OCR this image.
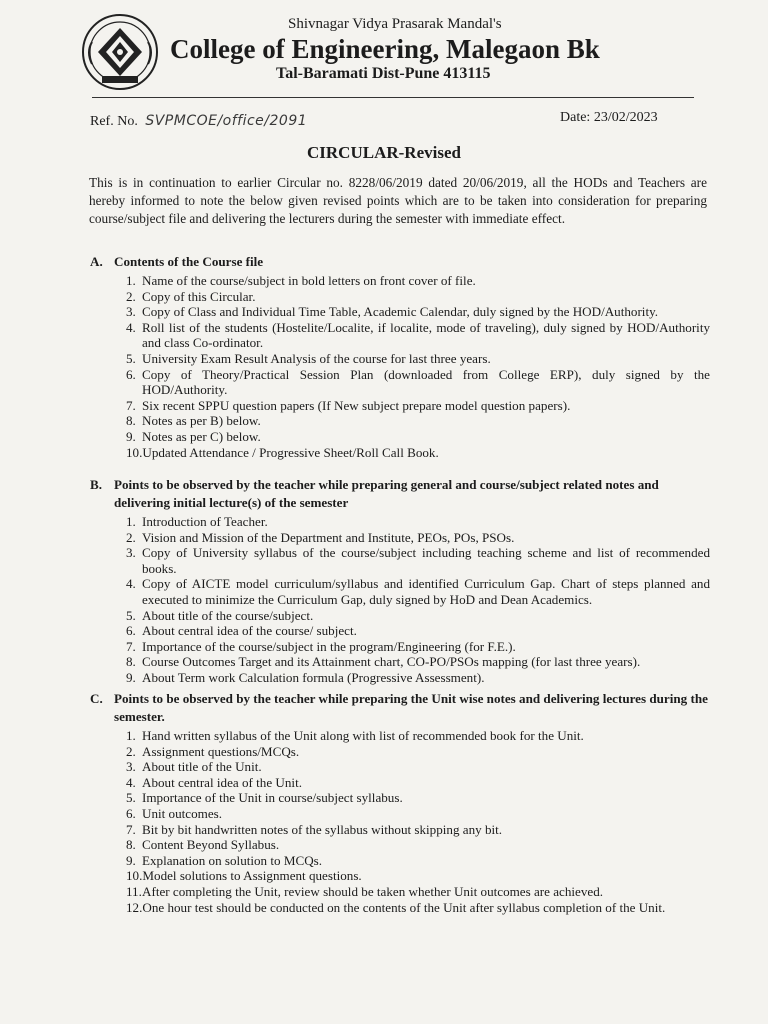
Shivnagar Vidya Prasarak Mandal's
College of Engineering, Malegaon Bk
Tal-Baramati Dist-Pune 413115
Ref. No. SVPMCOE/office/2091	Date: 23/02/2023
CIRCULAR-Revised
This is in continuation to earlier Circular no. 8228/06/2019 dated 20/06/2019, all the HODs and Teachers are hereby informed to note the below given revised points which are to be taken into consideration for preparing course/subject file and delivering the lecturers during the semester with immediate effect.
A. Contents of the Course file
1.Name of the course/subject in bold letters on front cover of file.
2.Copy of this Circular.
3.Copy of Class and Individual Time Table, Academic Calendar, duly signed by the HOD/Authority.
4.Roll list of the students (Hostelite/Localite, if localite, mode of traveling), duly signed by HOD/Authority and class Co-ordinator.
5.University Exam Result Analysis of the course for last three years.
6.Copy of Theory/Practical Session Plan (downloaded from College ERP), duly signed by the HOD/Authority.
7.Six recent SPPU question papers (If New subject prepare model question papers).
8.Notes as per B) below.
9.Notes as per C) below.
10.Updated Attendance / Progressive Sheet/Roll Call Book.
B. Points to be observed by the teacher while preparing general and course/subject related notes and delivering initial lecture(s) of the semester
1.Introduction of Teacher.
2.Vision and Mission of the Department and Institute, PEOs, POs, PSOs.
3.Copy of University syllabus of the course/subject including teaching scheme and list of recommended books.
4.Copy of AICTE model curriculum/syllabus and identified Curriculum Gap. Chart of steps planned and executed to minimize the Curriculum Gap, duly signed by HoD and Dean Academics.
5.About title of the course/subject.
6.About central idea of the course/ subject.
7.Importance of the course/subject in the program/Engineering (for F.E.).
8.Course Outcomes Target and its Attainment chart, CO-PO/PSOs mapping (for last three years).
9.About Term work Calculation formula (Progressive Assessment).
C. Points to be observed by the teacher while preparing the Unit wise notes and delivering lectures during the semester.
1.Hand written syllabus of the Unit along with list of recommended book for the Unit.
2.Assignment questions/MCQs.
3.About title of the Unit.
4.About central idea of the Unit.
5.Importance of the Unit in course/subject syllabus.
6.Unit outcomes.
7.Bit by bit handwritten notes of the syllabus without skipping any bit.
8.Content Beyond Syllabus.
9.Explanation on solution to MCQs.
10.Model solutions to Assignment questions.
11.After completing the Unit, review should be taken whether Unit outcomes are achieved.
12.One hour test should be conducted on the contents of the Unit after syllabus completion of the Unit.
